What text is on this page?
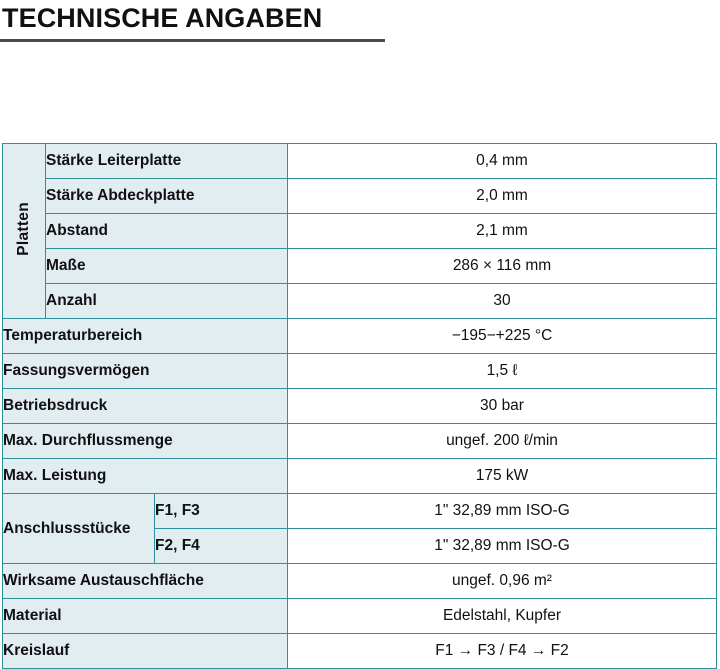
TECHNISCHE ANGABEN
Platten	Stärke Leiterplatte		0,4 mm
	Stärke Abdeckplatte		2,0 mm
	Abstand		2,1 mm
	Maße		286 × 116 mm
	Anzahl		30
Temperaturbereich			−195−+225 °C
Fassungsvermögen			1,5 ℓ
Betriebsdruck			30 bar
Max. Durchflussmenge			ungef. 200 ℓ/min
Max. Leistung			175 kW
Anschlussstücke		F1, F3	1" 32,89 mm ISO-G
		F2, F4	1" 32,89 mm ISO-G
Wirksame Austauschfläche			ungef. 0,96 m²
Material			Edelstahl, Kupfer
Kreislauf			F1 → F3 / F4 → F2
